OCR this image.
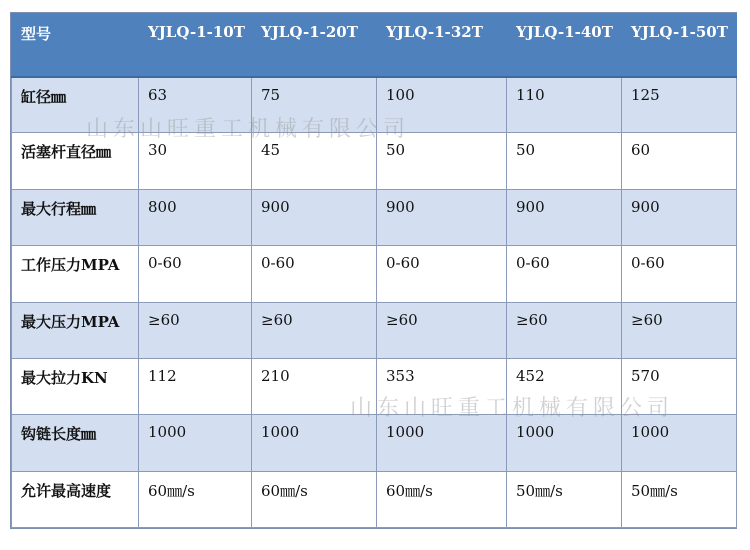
型号	YJLQ-1-10T	YJLQ-1-20T	YJLQ-1-32T	YJLQ-1-40T	YJLQ-1-50T
缸径㎜	63	75	100	110	125
活塞杆直径㎜	30	45	50	50	60
最大行程㎜	800	900	900	900	900
工作压力MPA	0-60	0-60	0-60	0-60	0-60
最大压力MPA	≥60	≥60	≥60	≥60	≥60
最大拉力KN	112	210	353	452	570
钩链长度㎜	1000	1000	1000	1000	1000
允许最高速度	60㎜/s	60㎜/s	60㎜/s	50㎜/s	50㎜/s
山东山旺重工机械有限公司
山东山旺重工机械有限公司
